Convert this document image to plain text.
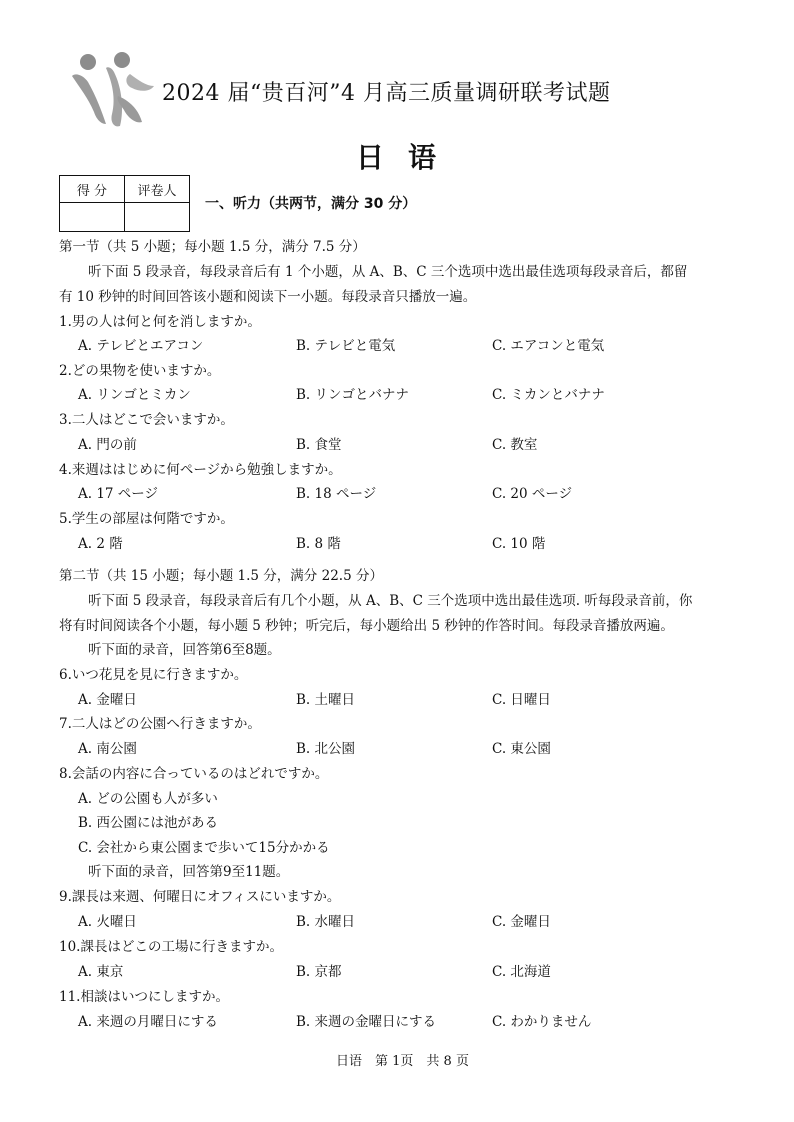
2024 届“贵百河”4 月高三质量调研联考试题
日语
得 分	评卷人

一、听力（共两节，满分 30 分）
第一节（共 5 小题；每小题 1.5 分，满分 7.5 分）
听下面 5 段录音，每段录音后有 1 个小题，从 A、B、C 三个选项中选出最佳选项每段录音后，都留
有 10 秒钟的时间回答该小题和阅读下一小题。每段录音只播放一遍。
1.男の人は何と何を消しますか。
A. テレビとエアコン	B. テレビと電気	C. エアコンと電気
2.どの果物を使いますか。
A. リンゴとミカン	B. リンゴとバナナ	C. ミカンとバナナ
3.二人はどこで会いますか。
A. 門の前	B. 食堂	C. 教室
4.来週ははじめに何ページから勉強しますか。
A. 17 ページ	B. 18 ページ	C. 20 ページ
5.学生の部屋は何階ですか。
A. 2 階	B. 8 階	C. 10 階
第二节（共 15 小题；每小题 1.5 分，满分 22.5 分）
听下面 5 段录音，每段录音后有几个小题，从 A、B、C 三个选项中选出最佳选项. 听每段录音前，你
将有时间阅读各个小题，每小题 5 秒钟；听完后，每小题给出 5 秒钟的作答时间。每段录音播放两遍。
听下面的录音，回答第6至8题。
6.いつ花見を見に行きますか。
A. 金曜日	B. 土曜日	C. 日曜日
7.二人はどの公園へ行きますか。
A. 南公園	B. 北公園	C. 東公園
8.会話の内容に合っているのはどれですか。
A. どの公園も人が多い
B. 西公園には池がある
C. 会社から東公園まで歩いて15分かかる
听下面的录音，回答第9至11题。
9.課長は来週、何曜日にオフィスにいますか。
A. 火曜日	B. 水曜日	C. 金曜日
10.課長はどこの工場に行きますか。
A. 東京	B. 京都	C. 北海道
11.相談はいつにしますか。
A. 来週の月曜日にする	B. 来週の金曜日にする	C. わかりません
日语　第 1页　共 8 页
